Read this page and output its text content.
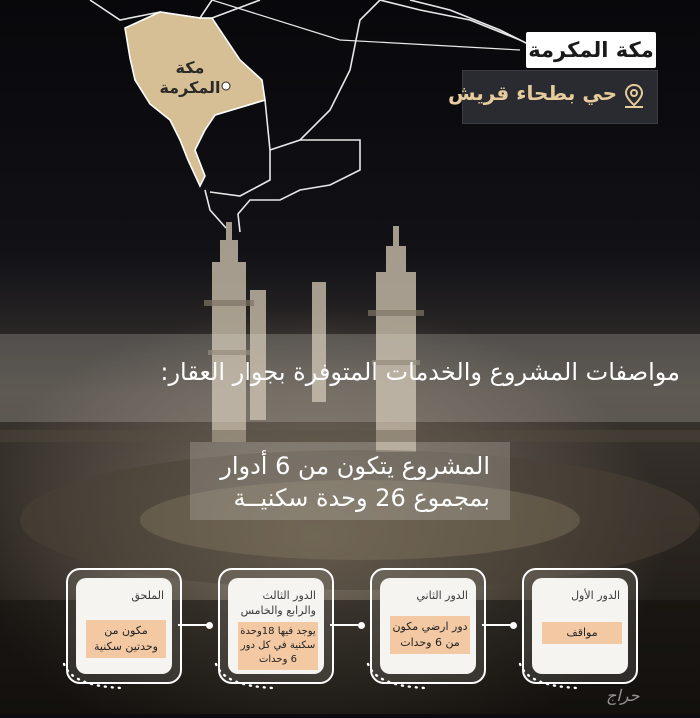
مكة
المكرمة
مكة المكرمة
حي بطحاء قريش
مواصفات المشروع والخدمات المتوفرة بجوار العقار:
المشروع يتكون من 6 أدوار
بمجموع 26 وحدة سكنيــة
الملحق
مكون من وحدتين سكنية
الدور الثالث والرابع والخامس
يوجد فيها 18وحدة سكنية في كل دور 6 وحدات
الدور الثاني
دور ارضي مكون من 6 وحدات
الدور الأول
مواقف
حراج
